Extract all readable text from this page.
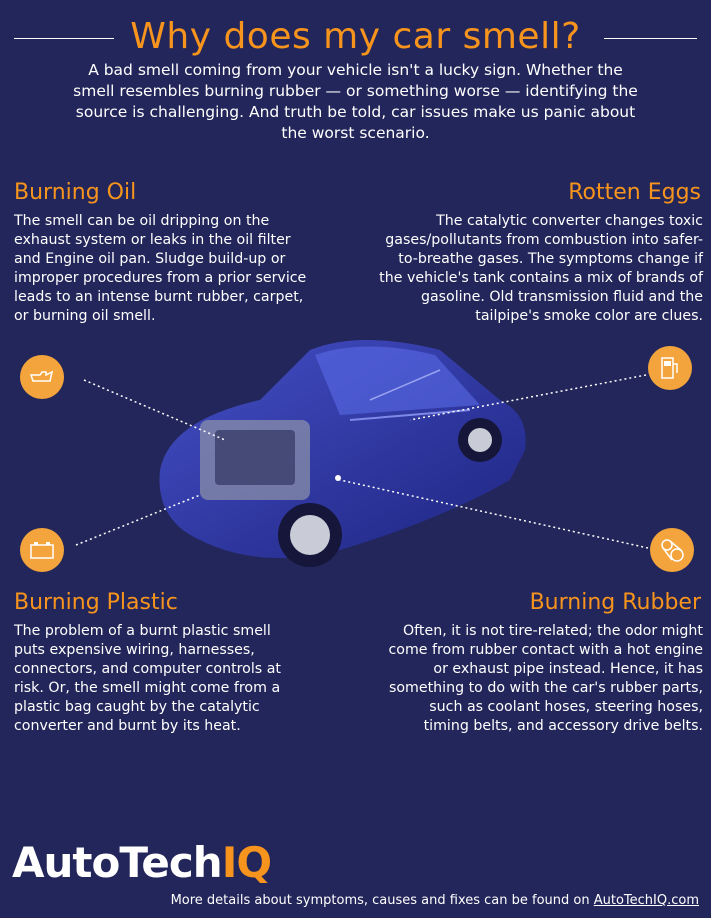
Why does my car smell?
A bad smell coming from your vehicle isn't a lucky sign. Whether the smell resembles burning rubber — or something worse — identifying the source is challenging. And truth be told, car issues make us panic about the worst scenario.
Burning Oil
The smell can be oil dripping on the exhaust system or leaks in the oil filter and Engine oil pan. Sludge build-up or improper procedures from a prior service leads to an intense burnt rubber, carpet, or burning oil smell.
Rotten Eggs
The catalytic converter changes toxic gases/pollutants from combustion into safer-to-breathe gases. The symptoms change if the vehicle's tank contains a mix of brands of gasoline. Old transmission fluid and the tailpipe's smoke color are clues.
Burning Plastic
The problem of a burnt plastic smell puts expensive wiring, harnesses, connectors, and computer controls at risk. Or, the smell might come from a plastic bag caught by the catalytic converter and burnt by its heat.
Burning Rubber
Often, it is not tire-related; the odor might come from rubber contact with a hot engine or exhaust pipe instead. Hence, it has something to do with the car's rubber parts, such as coolant hoses, steering hoses, timing belts, and accessory drive belts.
AutoTechIQ
More details about symptoms, causes and fixes can be found on AutoTechIQ.com
